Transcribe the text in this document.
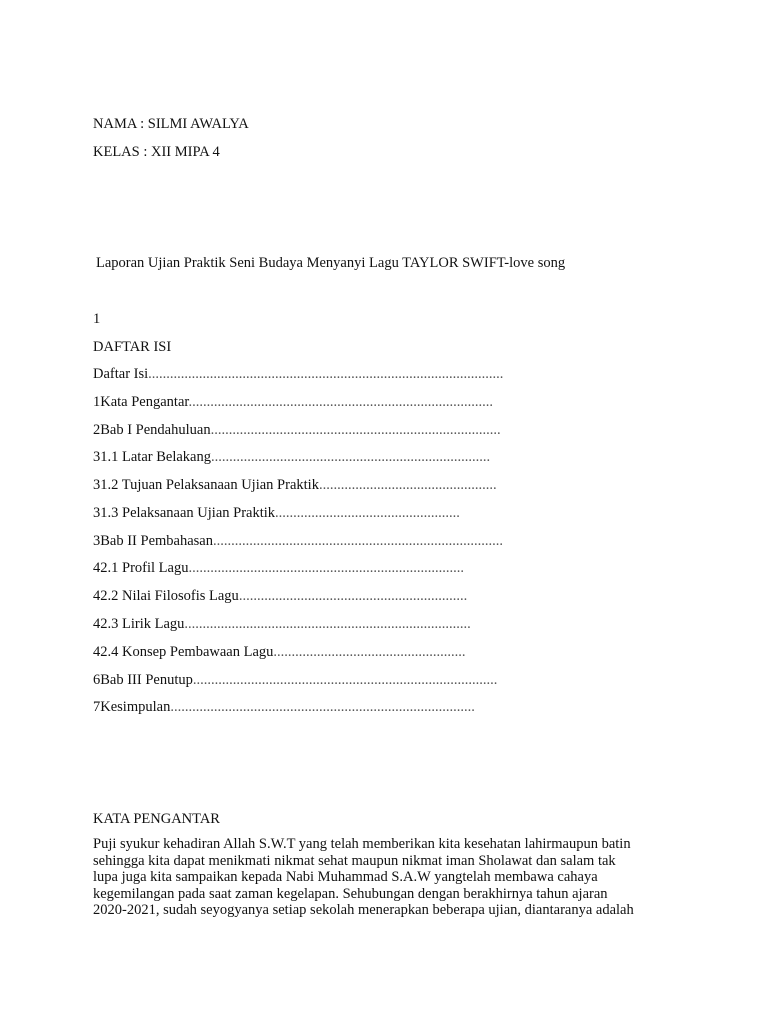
NAMA : SILMI AWALYA
KELAS : XII MIPA 4
Laporan Ujian Praktik Seni Budaya Menyanyi Lagu TAYLOR SWIFT-love song
1
DAFTAR ISI
Daftar Isi..................................................................................................
1Kata Pengantar....................................................................................
2Bab I Pendahuluan................................................................................
31.1 Latar Belakang.............................................................................
31.2 Tujuan Pelaksanaan Ujian Praktik.................................................
31.3 Pelaksanaan Ujian Praktik...................................................
3Bab II Pembahasan................................................................................
42.1 Profil Lagu............................................................................
42.2 Nilai Filosofis Lagu...............................................................
42.3 Lirik Lagu...............................................................................
42.4 Konsep Pembawaan Lagu.....................................................
6Bab III Penutup....................................................................................
7Kesimpulan....................................................................................
KATA PENGANTAR

Puji syukur kehadiran Allah S.W.T yang telah memberikan kita kesehatan lahirmaupun batin

sehingga kita dapat menikmati nikmat sehat maupun nikmat iman Sholawat dan salam tak

lupa juga kita sampaikan kepada Nabi Muhammad S.A.W yangtelah membawa cahaya

kegemilangan pada saat zaman kegelapan. Sehubungan dengan berakhirnya tahun ajaran

2020-2021, sudah seyogyanya setiap sekolah menerapkan beberapa ujian, diantaranya adalah
